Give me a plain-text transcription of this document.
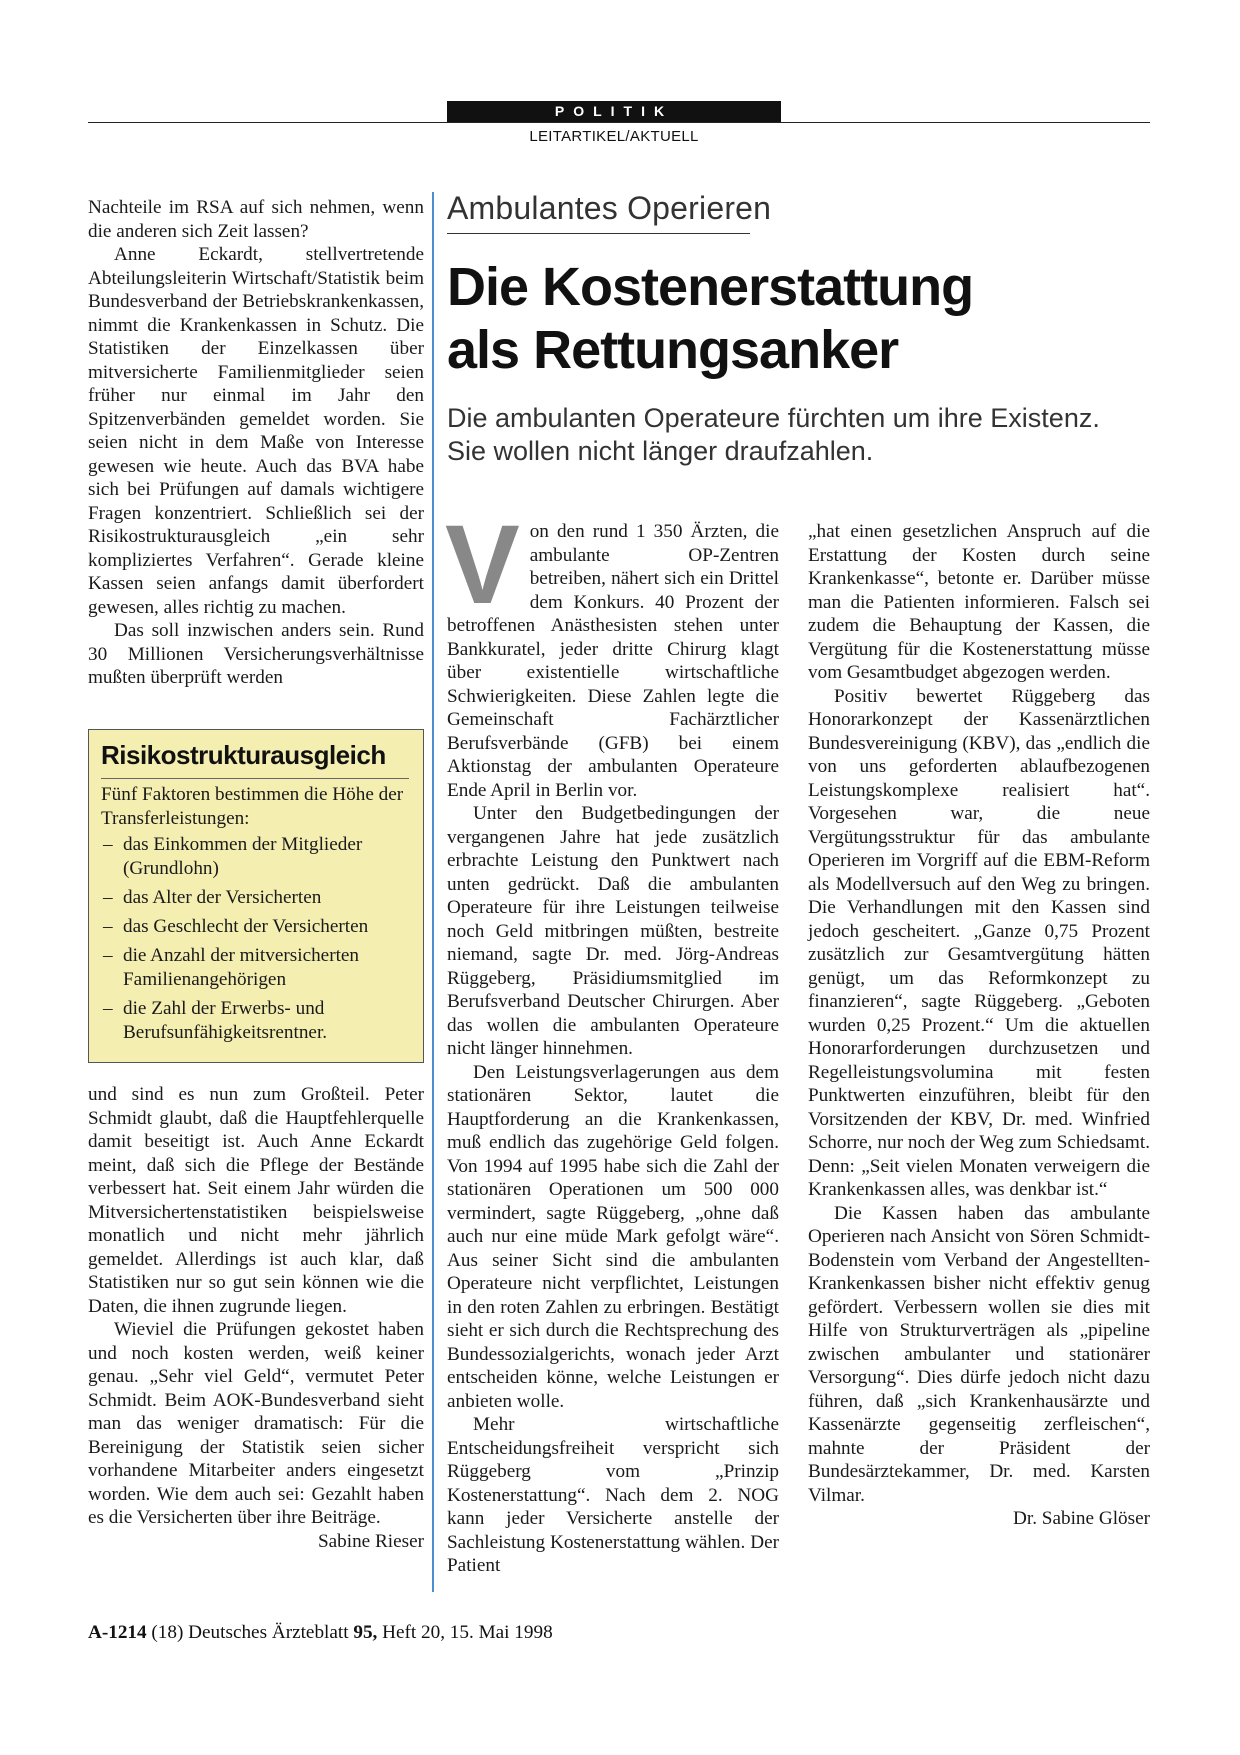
POLITIK
LEITARTIKEL/AKTUELL

Nachteile im RSA auf sich nehmen, wenn die anderen sich Zeit lassen?

Anne Eckardt, stellvertretende Abteilungsleiterin Wirtschaft/Statistik beim Bundesverband der Betriebskrankenkassen, nimmt die Krankenkassen in Schutz. Die Statistiken der Einzelkassen über mitversicherte Familienmitglieder seien früher nur einmal im Jahr den Spitzenverbänden gemeldet worden. Sie seien nicht in dem Maße von Interesse gewesen wie heute. Auch das BVA habe sich bei Prüfungen auf damals wichtigere Fragen konzentriert. Schließlich sei der Risikostrukturausgleich „ein sehr kompliziertes Verfahren“. Gerade kleine Kassen seien anfangs damit überfordert gewesen, alles richtig zu machen.

Das soll inzwischen anders sein. Rund 30 Millionen Versicherungsverhältnisse mußten überprüft werden

Risikostrukturausgleich

Fünf Faktoren bestimmen die Höhe der Transferleistungen:

– das Einkommen der Mitglieder (Grundlohn)
– das Alter der Versicherten
– das Geschlecht der Versicherten
– die Anzahl der mitversicherten Familienangehörigen
– die Zahl der Erwerbs- und Berufsunfähigkeitsrentner.

und sind es nun zum Großteil. Peter Schmidt glaubt, daß die Hauptfehlerquelle damit beseitigt ist. Auch Anne Eckardt meint, daß sich die Pflege der Bestände verbessert hat. Seit einem Jahr würden die Mitversichertenstatistiken beispielsweise monatlich und nicht mehr jährlich gemeldet. Allerdings ist auch klar, daß Statistiken nur so gut sein können wie die Daten, die ihnen zugrunde liegen.

Wieviel die Prüfungen gekostet haben und noch kosten werden, weiß keiner genau. „Sehr viel Geld“, vermutet Peter Schmidt. Beim AOK-Bundesverband sieht man das weniger dramatisch: Für die Bereinigung der Statistik seien sicher vorhandene Mitarbeiter anders eingesetzt worden. Wie dem auch sei: Gezahlt haben es die Versicherten über ihre Beiträge.

Sabine Rieser

Ambulantes Operieren
Die Kostenerstattung
als Rettungsanker
Die ambulanten Operateure fürchten um ihre Existenz.
Sie wollen nicht länger draufzahlen.

Von den rund 1 350 Ärzten, die ambulante OP-Zentren betreiben, nähert sich ein Drittel dem Konkurs. 40 Prozent der betroffenen Anästhesisten stehen unter Bankkuratel, jeder dritte Chirurg klagt über existentielle wirtschaftliche Schwierigkeiten. Diese Zahlen legte die Gemeinschaft Fachärztlicher Berufsverbände (GFB) bei einem Aktionstag der ambulanten Operateure Ende April in Berlin vor.

Unter den Budgetbedingungen der vergangenen Jahre hat jede zusätzlich erbrachte Leistung den Punktwert nach unten gedrückt. Daß die ambulanten Operateure für ihre Leistungen teilweise noch Geld mitbringen müßten, bestreite niemand, sagte Dr. med. Jörg-Andreas Rüggeberg, Präsidiumsmitglied im Berufsverband Deutscher Chirurgen. Aber das wollen die ambulanten Operateure nicht länger hinnehmen.

Den Leistungsverlagerungen aus dem stationären Sektor, lautet die Hauptforderung an die Krankenkassen, muß endlich das zugehörige Geld folgen. Von 1994 auf 1995 habe sich die Zahl der stationären Operationen um 500 000 vermindert, sagte Rüggeberg, „ohne daß auch nur eine müde Mark gefolgt wäre“. Aus seiner Sicht sind die ambulanten Operateure nicht verpflichtet, Leistungen in den roten Zahlen zu erbringen. Bestätigt sieht er sich durch die Rechtsprechung des Bundessozialgerichts, wonach jeder Arzt entscheiden könne, welche Leistungen er anbieten wolle.

Mehr wirtschaftliche Entscheidungsfreiheit verspricht sich Rüggeberg vom „Prinzip Kostenerstattung“. Nach dem 2. NOG kann jeder Versicherte anstelle der Sachleistung Kostenerstattung wählen. Der Patient

„hat einen gesetzlichen Anspruch auf die Erstattung der Kosten durch seine Krankenkasse“, betonte er. Darüber müsse man die Patienten informieren. Falsch sei zudem die Behauptung der Kassen, die Vergütung für die Kostenerstattung müsse vom Gesamtbudget abgezogen werden.

Positiv bewertet Rüggeberg das Honorarkonzept der Kassenärztlichen Bundesvereinigung (KBV), das „endlich die von uns geforderten ablaufbezogenen Leistungskomplexe realisiert hat“. Vorgesehen war, die neue Vergütungsstruktur für das ambulante Operieren im Vorgriff auf die EBM-Reform als Modellversuch auf den Weg zu bringen. Die Verhandlungen mit den Kassen sind jedoch gescheitert. „Ganze 0,75 Prozent zusätzlich zur Gesamtvergütung hätten genügt, um das Reformkonzept zu finanzieren“, sagte Rüggeberg. „Geboten wurden 0,25 Prozent.“ Um die aktuellen Honorarforderungen durchzusetzen und Regelleistungsvolumina mit festen Punktwerten einzuführen, bleibt für den Vorsitzenden der KBV, Dr. med. Winfried Schorre, nur noch der Weg zum Schiedsamt. Denn: „Seit vielen Monaten verweigern die Krankenkassen alles, was denkbar ist.“

Die Kassen haben das ambulante Operieren nach Ansicht von Sören Schmidt-Bodenstein vom Verband der Angestellten-Krankenkassen bisher nicht effektiv genug gefördert. Verbessern wollen sie dies mit Hilfe von Strukturverträgen als „pipeline zwischen ambulanter und stationärer Versorgung“. Dies dürfe jedoch nicht dazu führen, daß „sich Krankenhausärzte und Kassenärzte gegenseitig zerfleischen“, mahnte der Präsident der Bundesärztekammer, Dr. med. Karsten Vilmar.

Dr. Sabine Glöser

A-1214 (18) Deutsches Ärzteblatt 95, Heft 20, 15. Mai 1998
